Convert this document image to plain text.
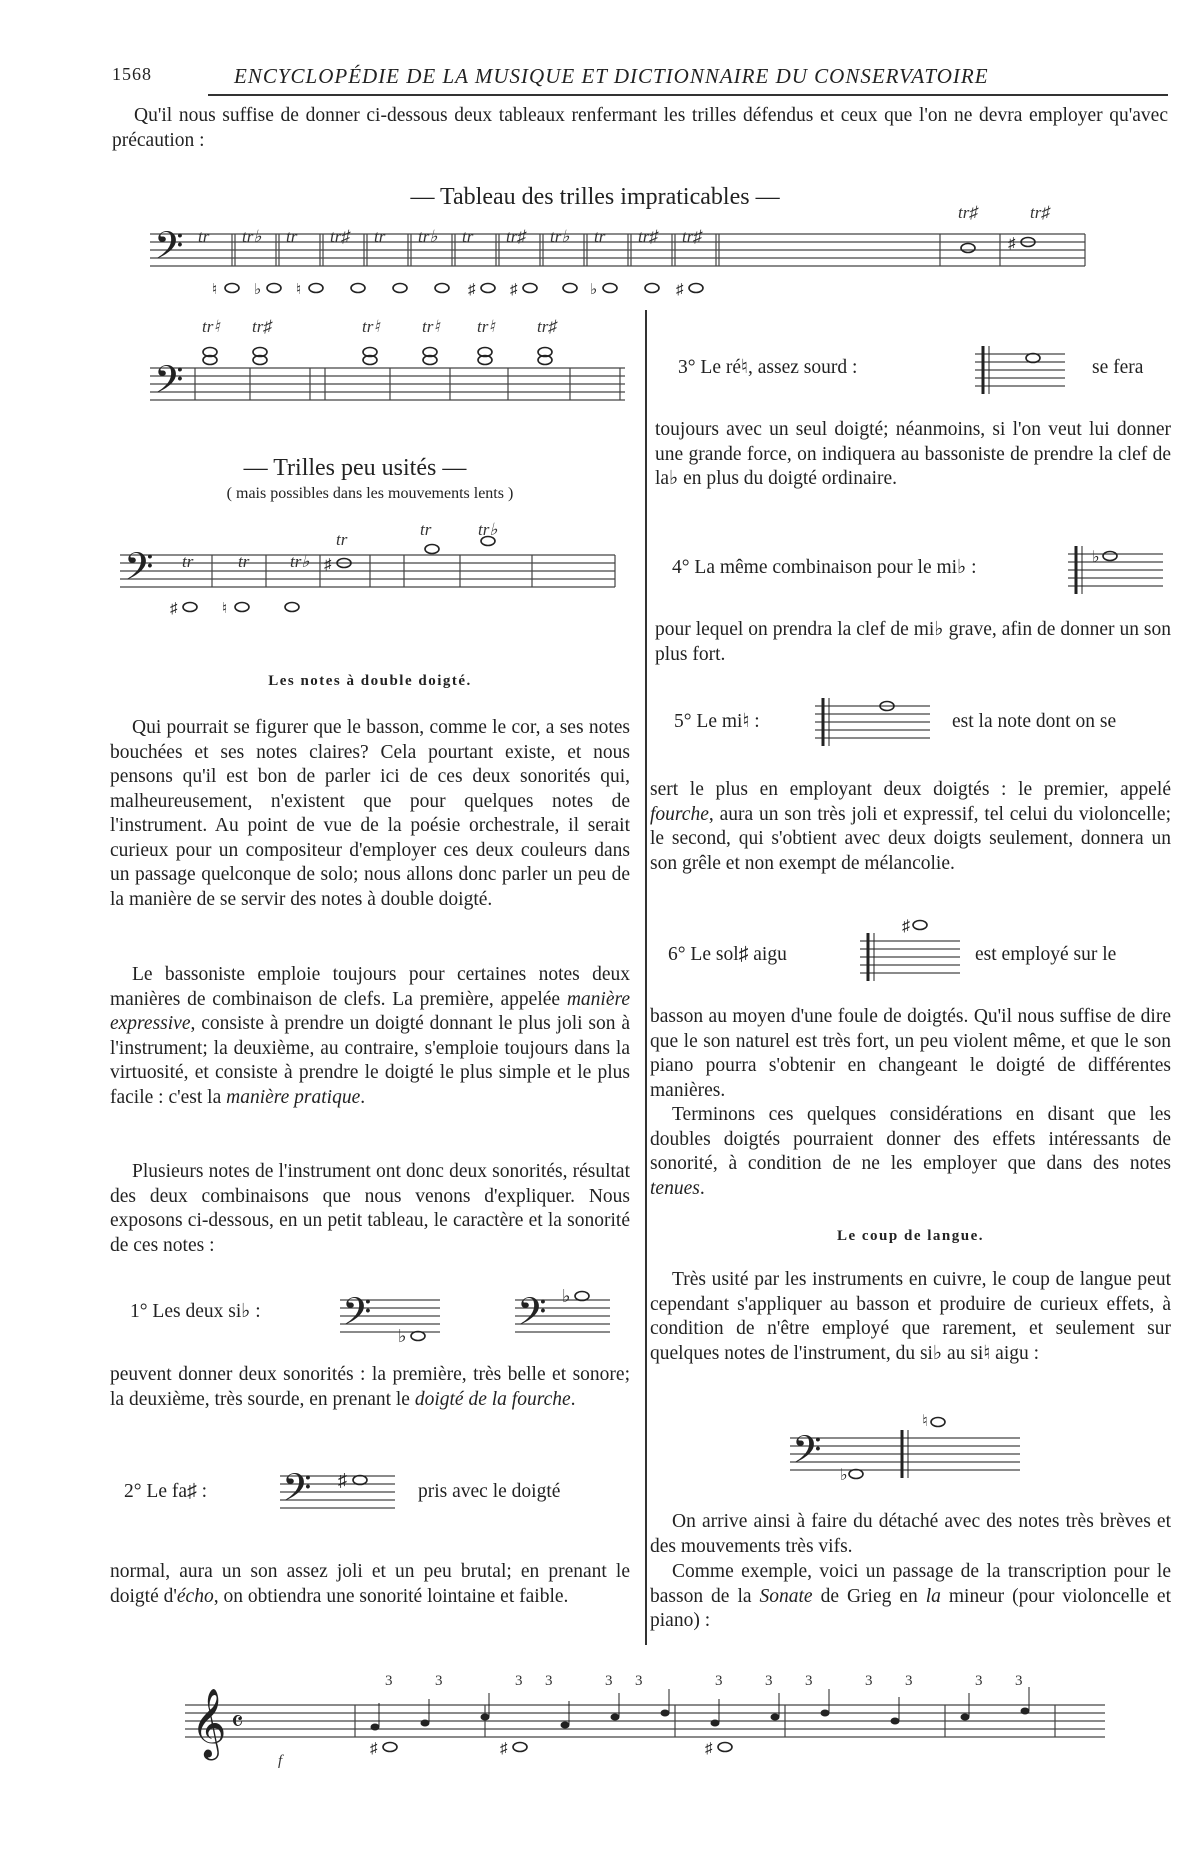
1568	ENCYCLOPÉDIE DE LA MUSIQUE ET DICTIONNAIRE DU CONSERVATOIRE

Qu'il nous suffise de donner ci-dessous deux tableaux renfermant les trilles défendus et ceux que l'on ne devra employer qu'avec précaution :

— Tableau des trilles impraticables —
𝄢 tr
♮
tr♭
♭
tr
♮
tr♯ tr tr♭ tr
♯
tr♯
♯
tr♭ tr
♭
tr♯ tr♯
♯
tr♯	tr♯
♯
𝄢
tr♮ tr♯	tr♮	tr♮ tr♮	tr♯
— Trilles peu usités —
( mais possibles dans les mouvements lents )
𝄢 tr
♯
tr
♮
tr♭
tr
♯
tr	tr♭
Les notes à double doigté.

Qui pourrait se figurer que le basson, comme le cor, a ses notes bouchées et ses notes claires? Cela pourtant existe, et nous pensons qu'il est bon de parler ici de ces deux sonorités qui, malheureusement, n'existent que pour quelques notes de l'instrument. Au point de vue de la poésie orchestrale, il serait curieux pour un compositeur d'employer ces deux couleurs dans un passage quelconque de solo; nous allons donc parler un peu de la manière de se servir des notes à double doigté.

Le bassoniste emploie toujours pour certaines notes deux manières de combinaison de clefs. La première, appelée manière expressive, consiste à prendre un doigté donnant le plus joli son à l'instrument; la deuxième, au contraire, s'emploie toujours dans la virtuosité, et consiste à prendre le doigté le plus simple et le plus facile : c'est la manière pratique.

Plusieurs notes de l'instrument ont donc deux sonorités, résultat des deux combinaisons que nous venons d'expliquer. Nous exposons ci-dessous, en un petit tableau, le caractère et la sonorité de ces notes :

1° Les deux si♭ : 𝄢 ♭ 𝄢 ♭

peuvent donner deux sonorités : la première, très belle et sonore; la deuxième, très sourde, en prenant le doigté de la fourche.

2° Le fa♯ : 𝄢 ♯
pris avec le doigté

normal, aura un son assez joli et un peu brutal; en prenant le doigté d'écho, on obtiendra une sonorité lointaine et faible.

3° Le ré♮, assez sourd :	se fera

toujours avec un seul doigté; néanmoins, si l'on veut lui donner une grande force, on indiquera au bassoniste de prendre la clef de la♭ en plus du doigté ordinaire.

4° La même combinaison pour le mi♭ :	♭

pour lequel on prendra la clef de mi♭ grave, afin de donner un son plus fort.

5° Le mi♮ :	est la note dont on se

sert le plus en employant deux doigtés : le premier, appelé fourche, aura un son très joli et expressif, tel celui du violoncelle; le second, qui s'obtient avec deux doigts seulement, donnera un son grêle et non exempt de mélancolie.

6° Le sol♯ aigu
♯
est employé sur le

basson au moyen d'une foule de doigtés. Qu'il nous suffise de dire que le son naturel est très fort, un peu violent même, et que le son piano pourra s'obtenir en changeant le doigté de différentes manières.

Terminons ces quelques considérations en disant que les doubles doigtés pourraient donner des effets intéressants de sonorité, à condition de ne les employer que dans des notes tenues.

Le coup de langue.

Très usité par les instruments en cuivre, le coup de langue peut cependant s'appliquer au basson et produire de curieux effets, à condition de n'être employé que rarement, et seulement sur quelques notes de l'instrument, du si♭ au si♮ aigu :

𝄢 ♭
♮

On arrive ainsi à faire du détaché avec des notes très brèves et des mouvements très vifs.

Comme exemple, voici un passage de la transcription pour le basson de la Sonate de Grieg en la mineur (pour violoncelle et piano) :

𝄞 𝄴
♯	♯	♯
3	3	3 3	3 3	3	3 3	3 3	3 3
f
